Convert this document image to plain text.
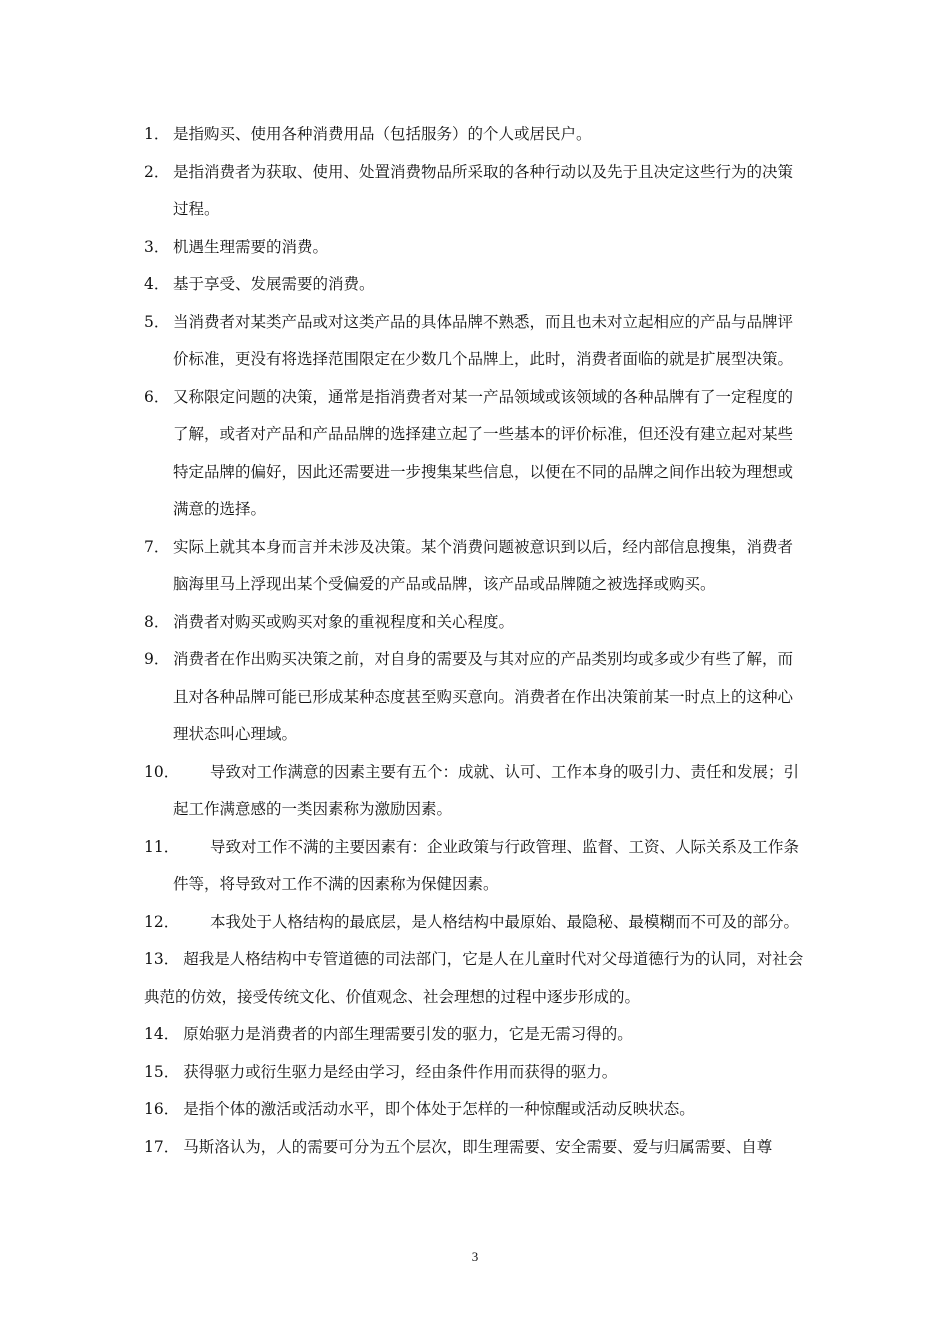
1． 是指购买、使用各种消费用品（包括服务）的个人或居民户。
2． 是指消费者为获取、使用、处置消费物品所采取的各种行动以及先于且决定这些行为的决策过程。
3． 机遇生理需要的消费。
4． 基于享受、发展需要的消费。
5． 当消费者对某类产品或对这类产品的具体品牌不熟悉，而且也未对立起相应的产品与品牌评价标准，更没有将选择范围限定在少数几个品牌上，此时，消费者面临的就是扩展型决策。
6． 又称限定问题的决策，通常是指消费者对某一产品领域或该领域的各种品牌有了一定程度的了解，或者对产品和产品品牌的选择建立起了一些基本的评价标准，但还没有建立起对某些特定品牌的偏好，因此还需要进一步搜集某些信息，以便在不同的品牌之间作出较为理想或满意的选择。
7． 实际上就其本身而言并未涉及决策。某个消费问题被意识到以后，经内部信息搜集，消费者脑海里马上浮现出某个受偏爱的产品或品牌，该产品或品牌随之被选择或购买。
8． 消费者对购买或购买对象的重视程度和关心程度。
9． 消费者在作出购买决策之前，对自身的需要及与其对应的产品类别均或多或少有些了解，而且对各种品牌可能已形成某种态度甚至购买意向。消费者在作出决策前某一时点上的这种心理状态叫心理域。
10． 导致对工作满意的因素主要有五个：成就、认可、工作本身的吸引力、责任和发展；引起工作满意感的一类因素称为激励因素。
11． 导致对工作不满的主要因素有：企业政策与行政管理、监督、工资、人际关系及工作条件等，将导致对工作不满的因素称为保健因素。
12． 本我处于人格结构的最底层，是人格结构中最原始、最隐秘、最模糊而不可及的部分。
13． 超我是人格结构中专管道德的司法部门，它是人在儿童时代对父母道德行为的认同，对社会典范的仿效，接受传统文化、价值观念、社会理想的过程中逐步形成的。
14． 原始驱力是消费者的内部生理需要引发的驱力，它是无需习得的。
15． 获得驱力或衍生驱力是经由学习，经由条件作用而获得的驱力。
16． 是指个体的激活或活动水平，即个体处于怎样的一种惊醒或活动反映状态。
17． 马斯洛认为，人的需要可分为五个层次，即生理需要、安全需要、爱与归属需要、自尊
3
